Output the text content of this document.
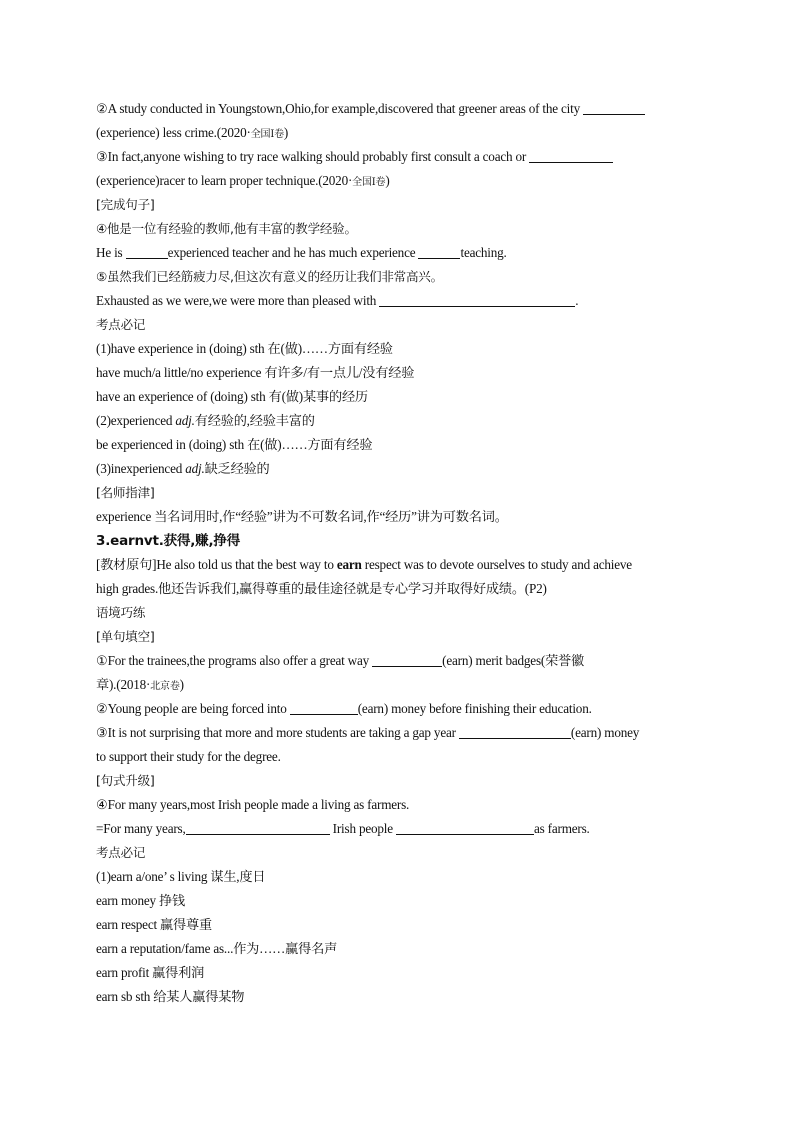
②A study conducted in Youngstown,Ohio,for example,discovered that greener areas of the city
(experience) less crime.(2020·全国Ⅰ卷)
③In fact,anyone wishing to try race walking should probably first consult a coach or
(experience)racer to learn proper technique.(2020·全国Ⅰ卷)
[完成句子]
④他是一位有经验的教师,他有丰富的教学经验。
He is	experienced teacher and he has much experience	teaching.
⑤虽然我们已经筋疲力尽,但这次有意义的经历让我们非常高兴。
Exhausted as we were,we were more than pleased with	.
考点必记
(1)have experience in (doing) sth 在(做)……方面有经验
have much/a little/no experience 有许多/有一点儿/没有经验
have an experience of (doing) sth 有(做)某事的经历
(2)experienced adj.有经验的,经验丰富的
be experienced in (doing) sth 在(做)……方面有经验
(3)inexperienced adj.缺乏经验的
[名师指津]
experience 当名词用时,作“经验”讲为不可数名词,作“经历”讲为可数名词。
3.earnvt.获得,赚,挣得
[教材原句]He also told us that the best way to earn respect was to devote ourselves to study and achieve
high grades.他还告诉我们,赢得尊重的最佳途径就是专心学习并取得好成绩。(P2)
语境巧练
[单句填空]
①For the trainees,the programs also offer a great way	(earn) merit badges(荣誉徽
章).(2018·北京卷)
②Young people are being forced into	(earn) money before finishing their education.
③It is not surprising that more and more students are taking a gap year	(earn) money
to support their study for the degree.
[句式升级]
④For many years,most Irish people made a living as farmers.
=For many years,	Irish people	as farmers.
考点必记
(1)earn a/one’ s living 谋生,度日
earn money 挣钱
earn respect 赢得尊重
earn a reputation/fame as...作为……赢得名声
earn profit 赢得利润
earn sb sth 给某人赢得某物
